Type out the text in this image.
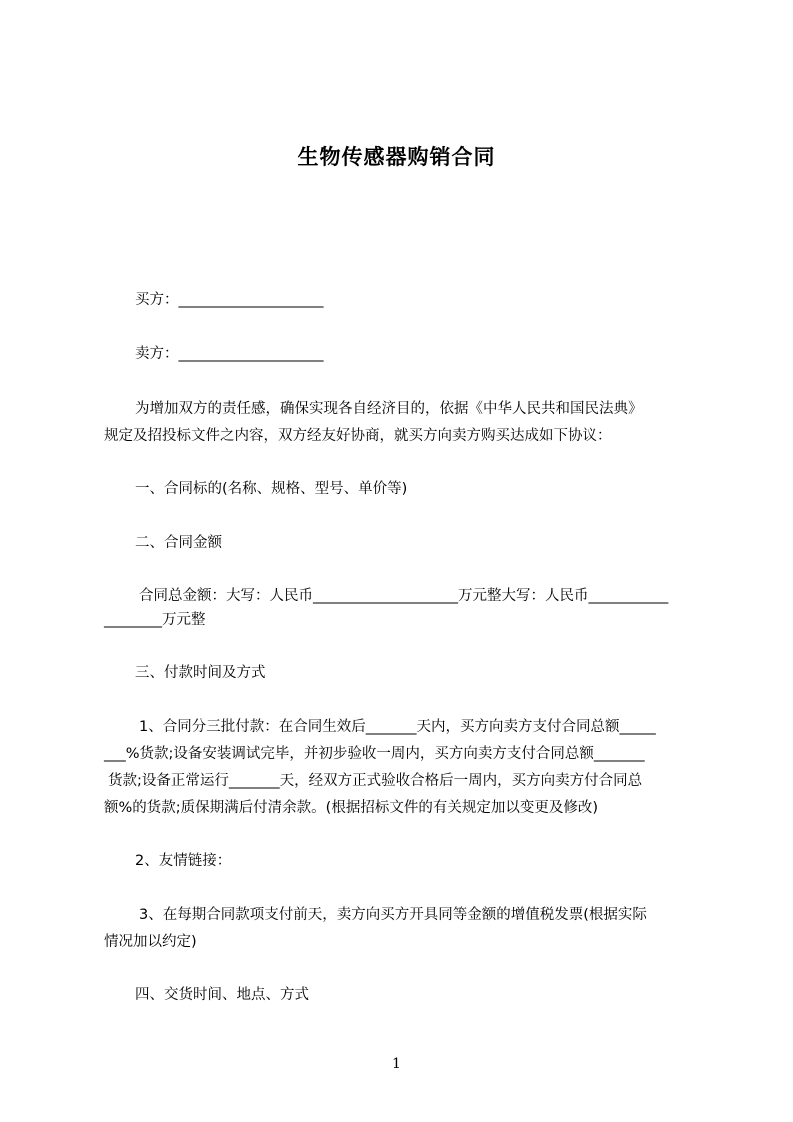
生物传感器购销合同
买方：____________________
卖方：____________________
为增加双方的责任感，确保实现各自经济目的，依据《中华人民共和国民法典》
规定及招投标文件之内容，双方经友好协商，就买方向卖方购买达成如下协议：
一、合同标的(名称、规格、型号、单价等)
二、合同金额
合同总金额：大写：人民币____________________万元整大写：人民币___________
________万元整
三、付款时间及方式
1、合同分三批付款：在合同生效后_______天内，买方向卖方支付合同总额_____
___%货款;设备安装调试完毕，并初步验收一周内，买方向卖方支付合同总额_______
货款;设备正常运行_______天，经双方正式验收合格后一周内，买方向卖方付合同总
额%的货款;质保期满后付清余款。(根据招标文件的有关规定加以变更及修改)
2、友情链接：
3、在每期合同款项支付前天，卖方向买方开具同等金额的增值税发票(根据实际
情况加以约定)
四、交货时间、地点、方式
1
